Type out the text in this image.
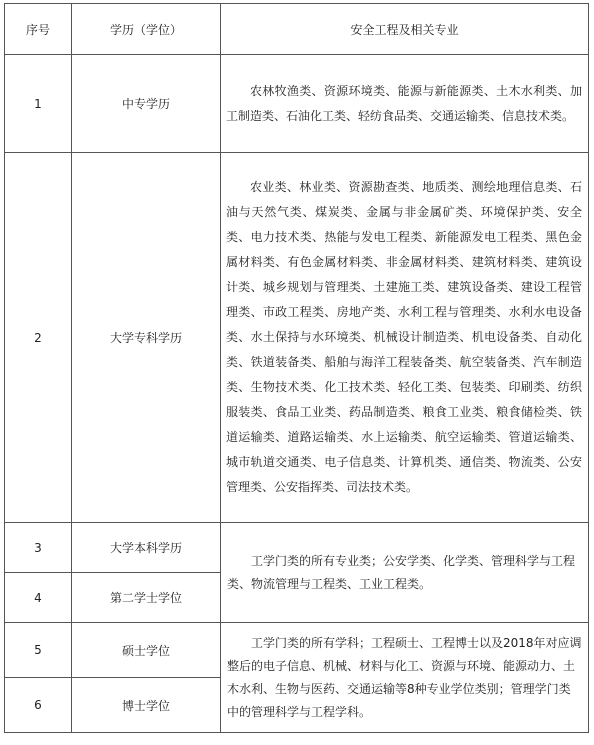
序号	学历（学位）	安全工程及相关专业
1	中专学历	农林牧渔类、资源环境类、能源与新能源类、土木水利类、加工制造类、石油化工类、轻纺食品类、交通运输类、信息技术类。

2	大学专科学历	农业类、林业类、资源勘查类、地质类、测绘地理信息类、石油与天然气类、煤炭类、金属与非金属矿类、环境保护类、安全类、电力技术类、热能与发电工程类、新能源发电工程类、黑色金属材料类、有色金属材料类、非金属材料类、建筑材料类、建筑设计类、城乡规划与管理类、土建施工类、建筑设备类、建设工程管理类、市政工程类、房地产类、水利工程与管理类、水利水电设备类、水土保持与水环境类、机械设计制造类、机电设备类、自动化类、铁道装备类、船舶与海洋工程装备类、航空装备类、汽车制造类、生物技术类、化工技术类、轻化工类、包装类、印刷类、纺织服装类、食品工业类、药品制造类、粮食工业类、粮食储检类、铁道运输类、道路运输类、水上运输类、航空运输类、管道运输类、城市轨道交通类、电子信息类、计算机类、通信类、物流类、公安管理类、公安指挥类、司法技术类。

3	大学本科学历	工学门类的所有专业类；公安学类、化学类、管理科学与工程类、物流管理与工程类、工业工程类。

4	第二学士学位	
5	硕士学位	工学门类的所有学科；工程硕士、工程博士以及2018年对应调整后的电子信息、机械、材料与化工、资源与环境、能源动力、土木水利、生物与医药、交通运输等8种专业学位类别；管理学门类中的管理科学与工程学科。

6	博士学位	
